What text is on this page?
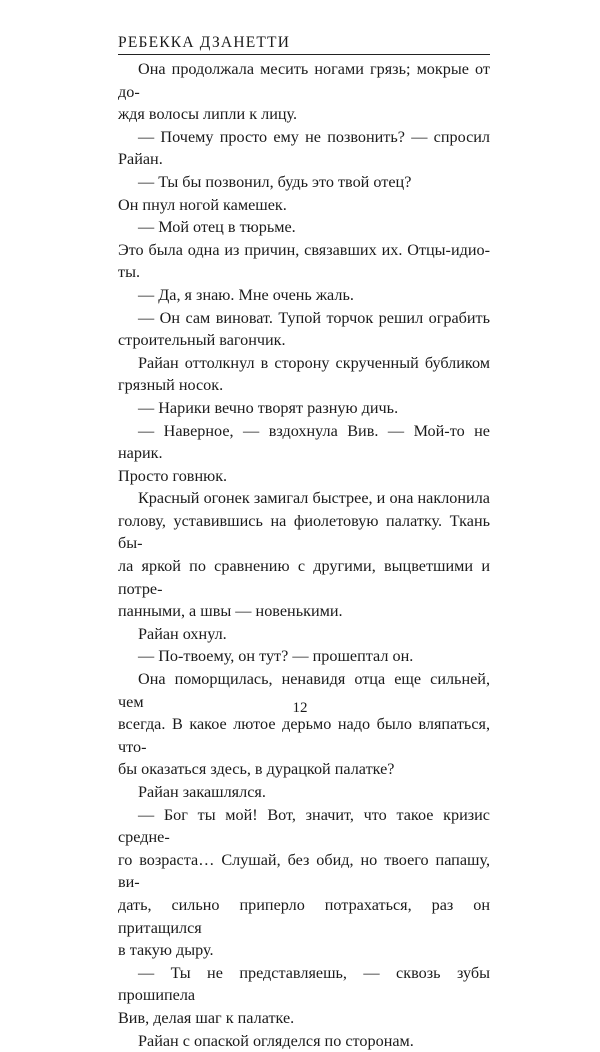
РЕБЕККА ДЗАНЕТТИ

Она продолжала месить ногами грязь; мокрые от до-

ждя волосы липли к лицу.

— Почему просто ему не позвонить? — спросил

Райан.

— Ты бы позвонил, будь это твой отец?

Он пнул ногой камешек.

— Мой отец в тюрьме.

Это была одна из причин, связавших их. Отцы-идио-

ты.

— Да, я знаю. Мне очень жаль.

— Он сам виноват. Тупой торчок решил ограбить

строительный вагончик.

Райан оттолкнул в сторону скрученный бубликом

грязный носок.

— Нарики вечно творят разную дичь.

— Наверное, — вздохнула Вив. — Мой-то не нарик.

Просто говнюк.

Красный огонек замигал быстрее, и она наклонила

голову, уставившись на фиолетовую палатку. Ткань бы-

ла яркой по сравнению с другими, выцветшими и потре-

панными, а швы — новенькими.

Райан охнул.

— По-твоему, он тут? — прошептал он.

Она поморщилась, ненавидя отца еще сильней, чем

всегда. В какое лютое дерьмо надо было вляпаться, что-

бы оказаться здесь, в дурацкой палатке?

Райан закашлялся.

— Бог ты мой! Вот, значит, что такое кризис средне-

го возраста… Слушай, без обид, но твоего папашу, ви-

дать, сильно приперло потрахаться, раз он притащился

в такую дыру.

— Ты не представляешь, — сквозь зубы прошипела

Вив, делая шаг к палатке.

Райан с опаской огляделся по сторонам.

12
